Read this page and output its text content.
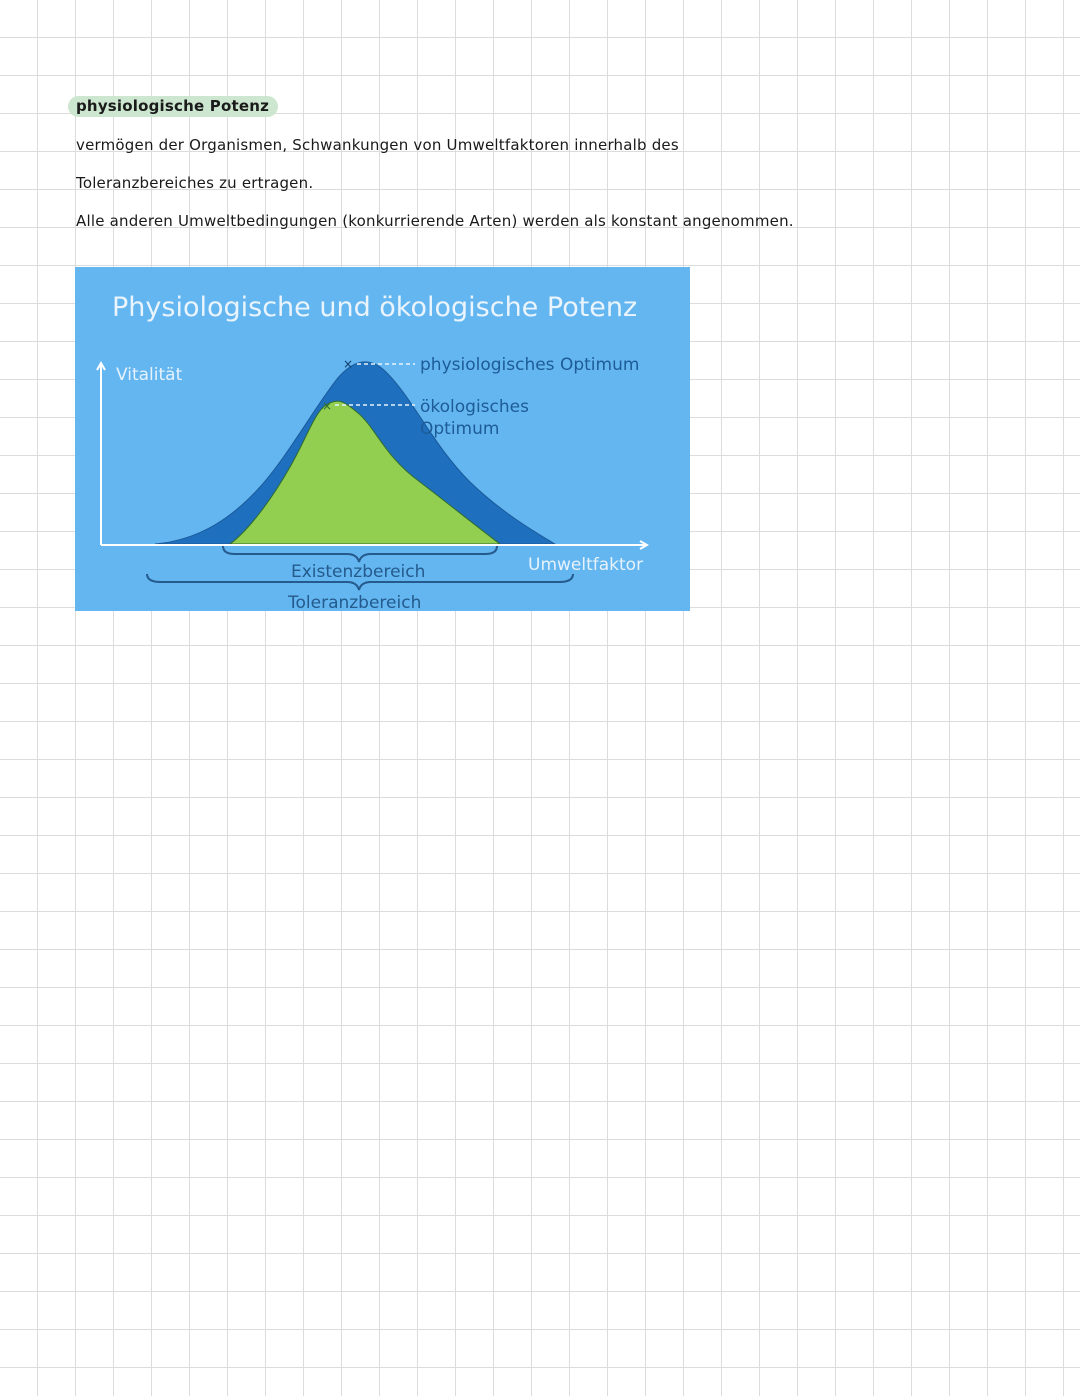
physiologische Potenz
vermögen der Organismen, Schwankungen von Umweltfaktoren innerhalb des
Toleranzbereiches zu ertragen.
Alle anderen Umweltbedingungen (konkurrierende Arten) werden als konstant angenommen.
Physiologische und ökologische Potenz
×
×
Vitalität
Umweltfaktor
physiologisches Optimum
ökologisches
Optimum
Existenzbereich
Toleranzbereich
